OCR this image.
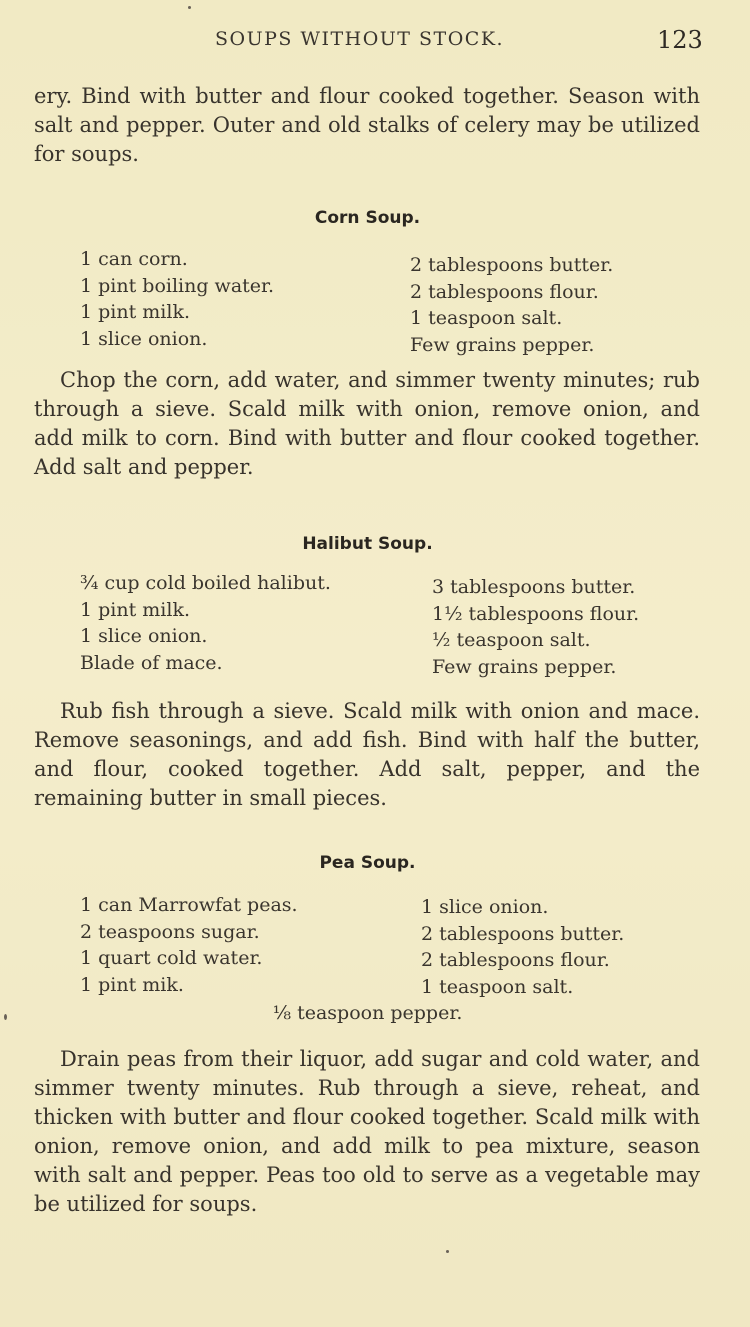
SOUPS WITHOUT STOCK.	123

ery. Bind with butter and flour cooked together. Season with salt and pepper. Outer and old stalks of celery may be utilized for soups.

Corn Soup.
1 can corn.
1 pint boiling water.
1 pint milk.
1 slice onion.
2 tablespoons butter.
2 tablespoons flour.
1 teaspoon salt.
Few grains pepper.

Chop the corn, add water, and simmer twenty minutes; rub through a sieve. Scald milk with onion, remove onion, and add milk to corn. Bind with butter and flour cooked together. Add salt and pepper.

Halibut Soup.
¾ cup cold boiled halibut.
1 pint milk.
1 slice onion.
Blade of mace.
3 tablespoons butter.
1½ tablespoons flour.
½ teaspoon salt.
Few grains pepper.

Rub fish through a sieve. Scald milk with onion and mace. Remove seasonings, and add fish. Bind with half the butter, and flour, cooked together. Add salt, pepper, and the remaining butter in small pieces.

Pea Soup.
1 can Marrowfat peas.
2 teaspoons sugar.
1 quart cold water.
1 pint mik.
1 slice onion.
2 tablespoons butter.
2 tablespoons flour.
1 teaspoon salt.
⅛ teaspoon pepper.

Drain peas from their liquor, add sugar and cold water, and simmer twenty minutes. Rub through a sieve, reheat, and thicken with butter and flour cooked together. Scald milk with onion, remove onion, and add milk to pea mixture, season with salt and pepper. Peas too old to serve as a vegetable may be utilized for soups.
